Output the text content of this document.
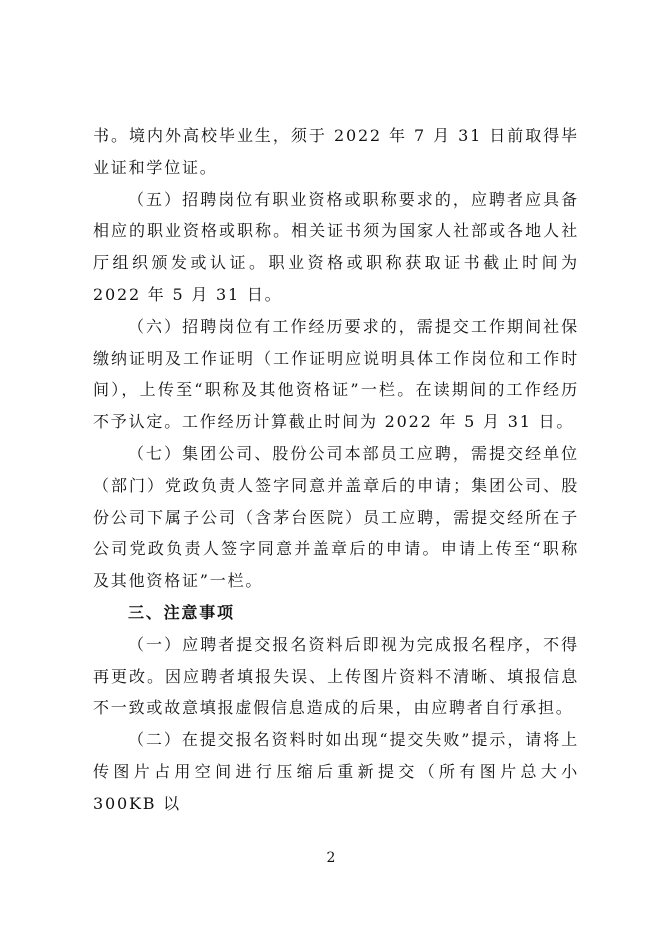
书。境内外高校毕业生，须于 2022 年 7 月 31 日前取得毕业证和学位证。

（五）招聘岗位有职业资格或职称要求的，应聘者应具备相应的职业资格或职称。相关证书须为国家人社部或各地人社厅组织颁发或认证。职业资格或职称获取证书截止时间为 2022 年 5 月 31 日。

（六）招聘岗位有工作经历要求的，需提交工作期间社保缴纳证明及工作证明（工作证明应说明具体工作岗位和工作时间），上传至“职称及其他资格证”一栏。在读期间的工作经历不予认定。工作经历计算截止时间为 2022 年 5 月 31 日。

（七）集团公司、股份公司本部员工应聘，需提交经单位（部门）党政负责人签字同意并盖章后的申请；集团公司、股份公司下属子公司（含茅台医院）员工应聘，需提交经所在子公司党政负责人签字同意并盖章后的申请。申请上传至“职称及其他资格证”一栏。

三、注意事项

（一）应聘者提交报名资料后即视为完成报名程序，不得再更改。因应聘者填报失误、上传图片资料不清晰、填报信息不一致或故意填报虚假信息造成的后果，由应聘者自行承担。

（二）在提交报名资料时如出现“提交失败”提示，请将上传图片占用空间进行压缩后重新提交（所有图片总大小 300KB 以

2
